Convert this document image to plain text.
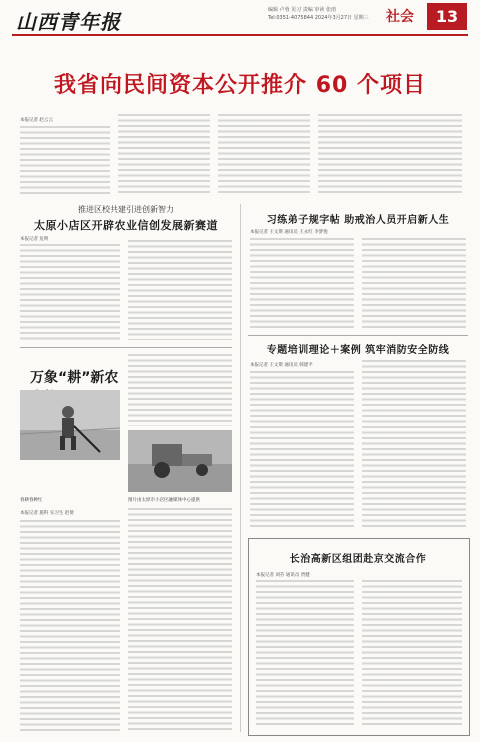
山西青年报	编辑 卢蓉 见习 责编 审读 张雨
Tel:0351-4075844 2024年3月27日 星期三 社会	13
我省向民间资本公开推介 60 个项目
本报记者 赵云云
推进区校共建引进创新智力
太原小店区开辟农业信创发展新赛道
本报记者 危明
万象“耕”新农
春耕春种忙	图片由太原市小店区融媒体中心提供
本报记者 施科 实习生 赵倩
习练弟子规字帖 助戒治人员开启新人生
本报记者 王文斯 通讯员 王永红 李梦悦
专题培训理论＋案例 筑牢消防安全防线
本报记者 王文斯 通讯员 韩建平
长治高新区组团赴京交流合作
本报记者 刘芬 通讯员 贾健
